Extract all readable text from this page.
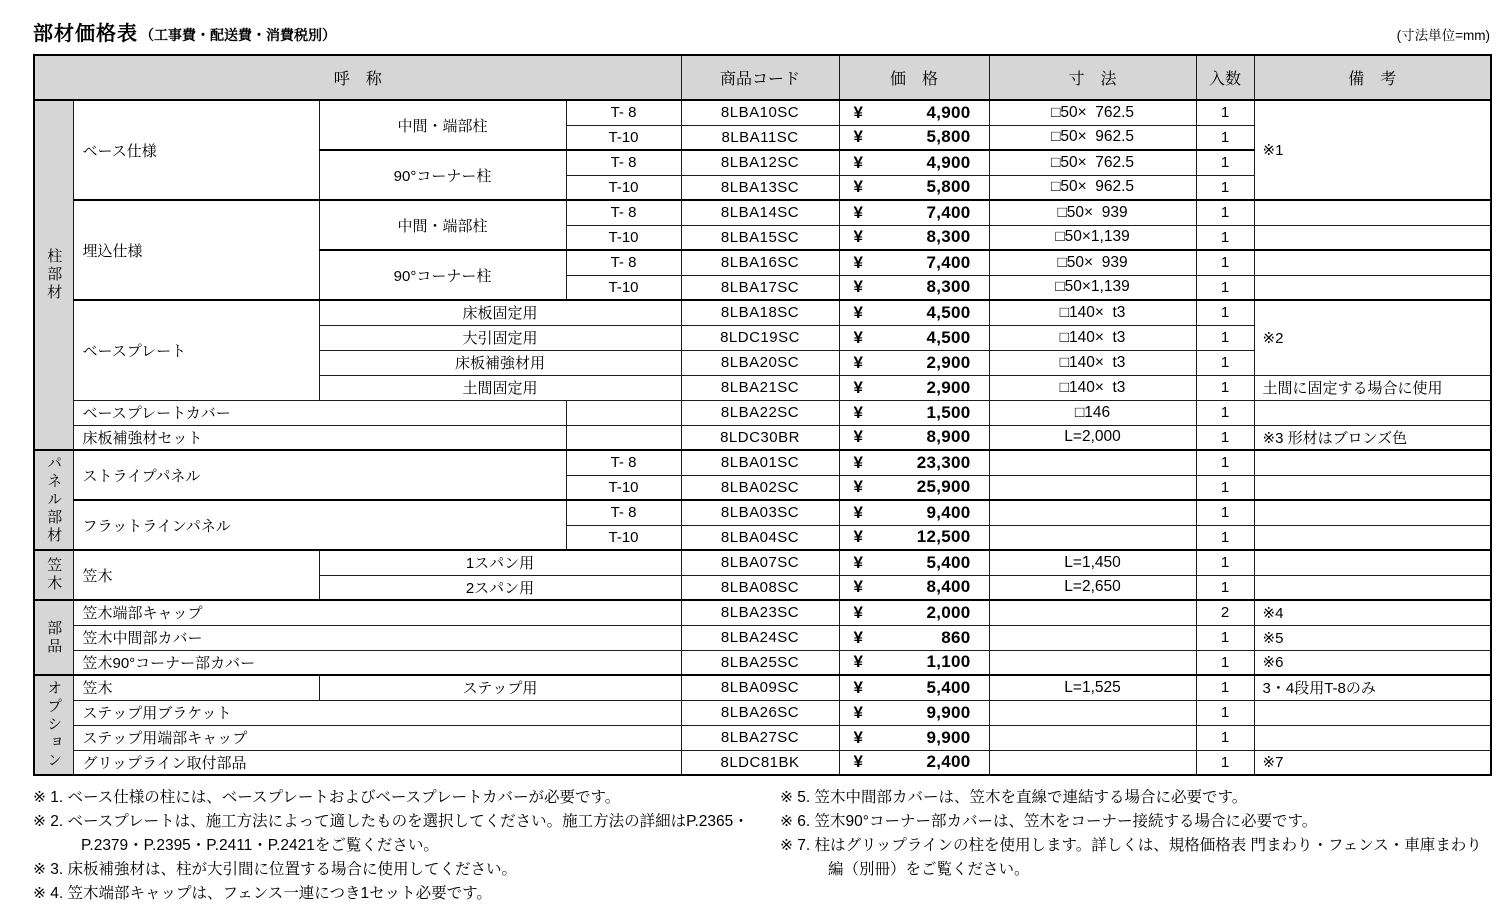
部材価格表 （工事費・配送費・消費税別）	(寸法単位=mm)
呼　称				商品コード	価　格	寸　法	入数	備　考
柱部材	ベース仕様	中間・端部柱	T- 8	8LBA10SC	¥ 4,900	□50×  762.5	1	※1
			T-10	8LBA11SC	¥ 5,800	□50×  962.5	1	
		90°コーナー柱	T- 8	8LBA12SC	¥ 4,900	□50×  762.5	1	
			T-10	8LBA13SC	¥ 5,800	□50×  962.5	1	
	埋込仕様	中間・端部柱	T- 8	8LBA14SC	¥ 7,400	□50×  939	1	
			T-10	8LBA15SC	¥ 8,300	□50×1,139	1	
		90°コーナー柱	T- 8	8LBA16SC	¥ 7,400	□50×  939	1	
			T-10	8LBA17SC	¥ 8,300	□50×1,139	1	
	ベースプレート	床板固定用		8LBA18SC	¥ 4,500	□140×  t3	1	※2
		大引固定用		8LDC19SC	¥ 4,500	□140×  t3	1	
		床板補強材用		8LBA20SC	¥ 2,900	□140×  t3	1	
		土間固定用		8LBA21SC	¥ 2,900	□140×  t3	1	土間に固定する場合に使用
	ベースプレートカバー			8LBA22SC	¥ 1,500	□146	1	
	床板補強材セット			8LDC30BR	¥ 8,900	L=2,000	1	※3 形材はブロンズ色
パネル部材	ストライプパネル		T- 8	8LBA01SC	¥ 23,300		1	
			T-10	8LBA02SC	¥ 25,900		1	
	フラットラインパネル		T- 8	8LBA03SC	¥ 9,400		1	
			T-10	8LBA04SC	¥ 12,500		1	
笠木	笠木	1スパン用		8LBA07SC	¥ 5,400	L=1,450	1	
		2スパン用		8LBA08SC	¥ 8,400	L=2,650	1	
部品	笠木端部キャップ			8LBA23SC	¥ 2,000		2	※4
	笠木中間部カバー			8LBA24SC	¥ 860		1	※5
	笠木90°コーナー部カバー			8LBA25SC	¥ 1,100		1	※6
オプション	笠木	ステップ用		8LBA09SC	¥ 5,400	L=1,525	1	3・4段用T-8のみ
	ステップ用ブラケット			8LBA26SC	¥ 9,900		1	
	ステップ用端部キャップ			8LBA27SC	¥ 9,900		1	
	グリップライン取付部品			8LDC81BK	¥ 2,400		1	※7
※ 1. ベース仕様の柱には、ベースプレートおよびベースプレートカバーが必要です。
※ 2. ベースプレートは、施工方法によって適したものを選択してください。施工方法の詳細はP.2365・P.2379・P.2395・P.2411・P.2421をご覧ください。
※ 3. 床板補強材は、柱が大引間に位置する場合に使用してください。
※ 4. 笠木端部キャップは、フェンス一連につき1セット必要です。
※ 5. 笠木中間部カバーは、笠木を直線で連結する場合に必要です。
※ 6. 笠木90°コーナー部カバーは、笠木をコーナー接続する場合に必要です。
※ 7. 柱はグリップラインの柱を使用します。詳しくは、規格価格表 門まわり・フェンス・車庫まわり編（別冊）をご覧ください。
